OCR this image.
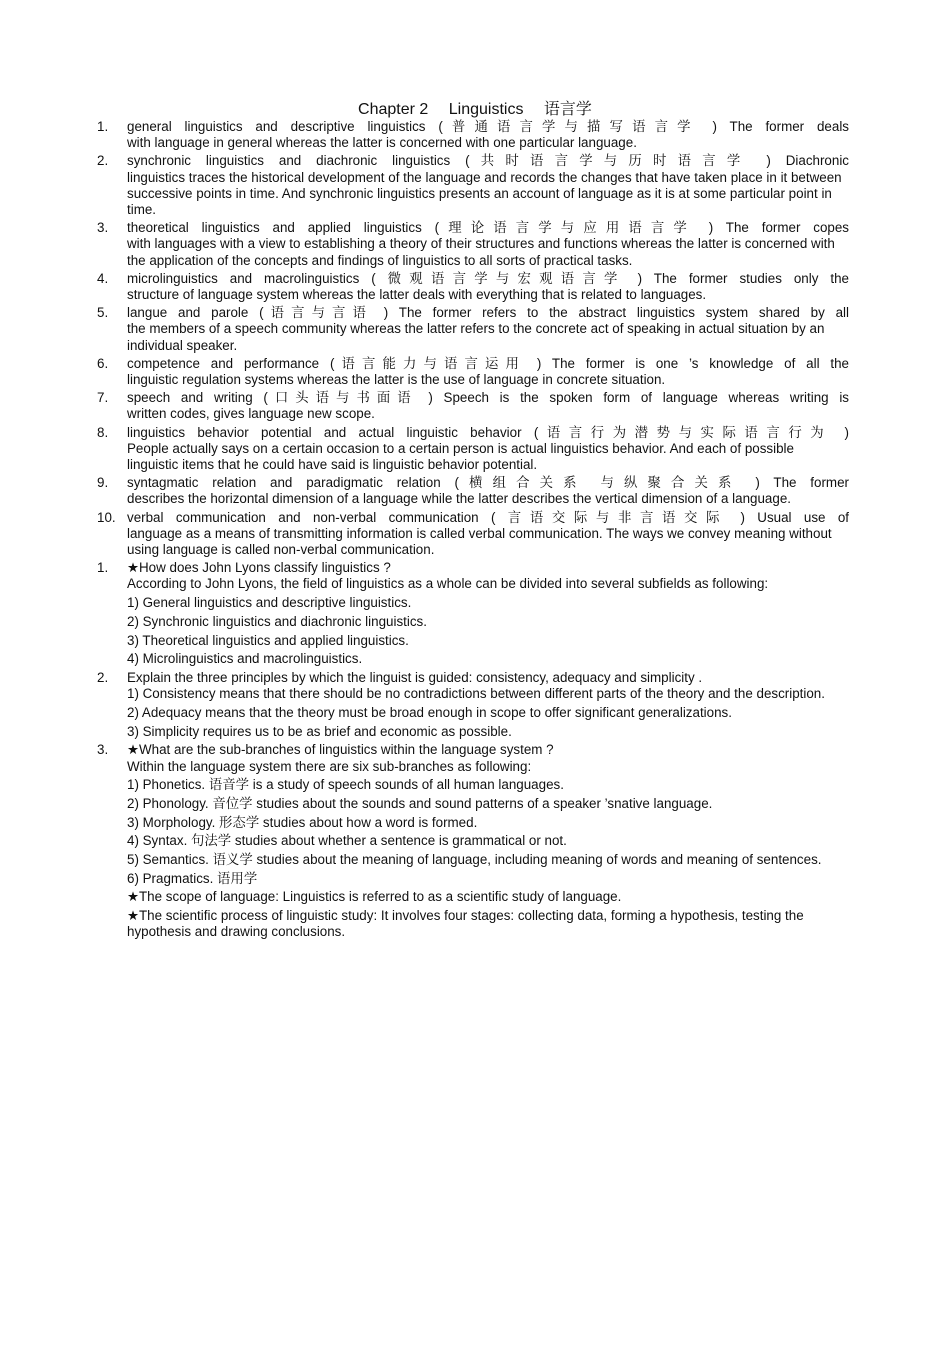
Chapter 2 Linguistics 语言学
1. general linguistics and descriptive linguistics (普通语言学与描写语言学 ) The former deals

with language in general whereas the latter is concerned with one particular language.

2. synchronic linguistics and diachronic linguistics (共时语言学与历时语言学 ) Diachronic

linguistics traces the historical development of the language and records the changes that have taken place in it between successive points in time. And synchronic linguistics presents an account of language as it is at some particular point in time.

3. theoretical linguistics and applied linguistics (理论语言学与应用语言学 ) The former copes

with languages with a view to establishing a theory of their structures and functions whereas the latter is concerned with the application of the concepts and findings of linguistics to all sorts of practical tasks.

4. microlinguistics and macrolinguistics ( 微观语言学与宏观语言学 ) The former studies only the

structure of language system whereas the latter deals with everything that is related to languages.

5. langue and parole (语言与言语 ) The former refers to the abstract linguistics system shared by all

the members of a speech community whereas the latter refers to the concrete act of speaking in actual situation by an individual speaker.

6. competence and performance (语言能力与语言运用 ) The former is one ’s knowledge of all the

linguistic regulation systems whereas the latter is the use of language in concrete situation.

7. speech and writing (口头语与书面语 ) Speech is the spoken form of language whereas writing is

written codes, gives language new scope.

8. linguistics behavior potential and actual linguistic behavior (语言行为潜势与实际语言行为 )

People actually says on a certain occasion to a certain person is actual linguistics behavior. And each of possible linguistic items that he could have said is linguistic behavior potential.

9. syntagmatic relation and paradigmatic relation (横组合关系 与纵聚合关系 ) The former

describes the horizontal dimension of a language while the latter describes the vertical dimension of a language.

10. verbal communication and non-verbal communication ( 言语交际与非言语交际 ) Usual use of

language as a means of transmitting information is called verbal communication. The ways we convey meaning without using language is called non-verbal communication.

1. ★How does John Lyons classify linguistics ?

According to John Lyons, the field of linguistics as a whole can be divided into several subfields as following:

1) General linguistics and descriptive linguistics.

2) Synchronic linguistics and diachronic linguistics.

3) Theoretical linguistics and applied linguistics.

4) Microlinguistics and macrolinguistics.

2. Explain the three principles by which the linguist is guided: consistency, adequacy and simplicity .

1) Consistency means that there should be no contradictions between different parts of the theory and the description.

2) Adequacy means that the theory must be broad enough in scope to offer significant generalizations.

3) Simplicity requires us to be as brief and economic as possible.

3. ★What are the sub-branches of linguistics within the language system ?

Within the language system there are six sub-branches as following:

1) Phonetics. 语音学 is a study of speech sounds of all human languages.

2) Phonology. 音位学 studies about the sounds and sound patterns of a speaker ’snative language.

3) Morphology. 形态学 studies about how a word is formed.

4) Syntax. 句法学 studies about whether a sentence is grammatical or not.

5) Semantics. 语义学 studies about the meaning of language, including meaning of words and meaning of sentences.

6) Pragmatics. 语用学

★The scope of language: Linguistics is referred to as a scientific study of language.

★The scientific process of linguistic study: It involves four stages: collecting data, forming a hypothesis, testing the hypothesis and drawing conclusions.
